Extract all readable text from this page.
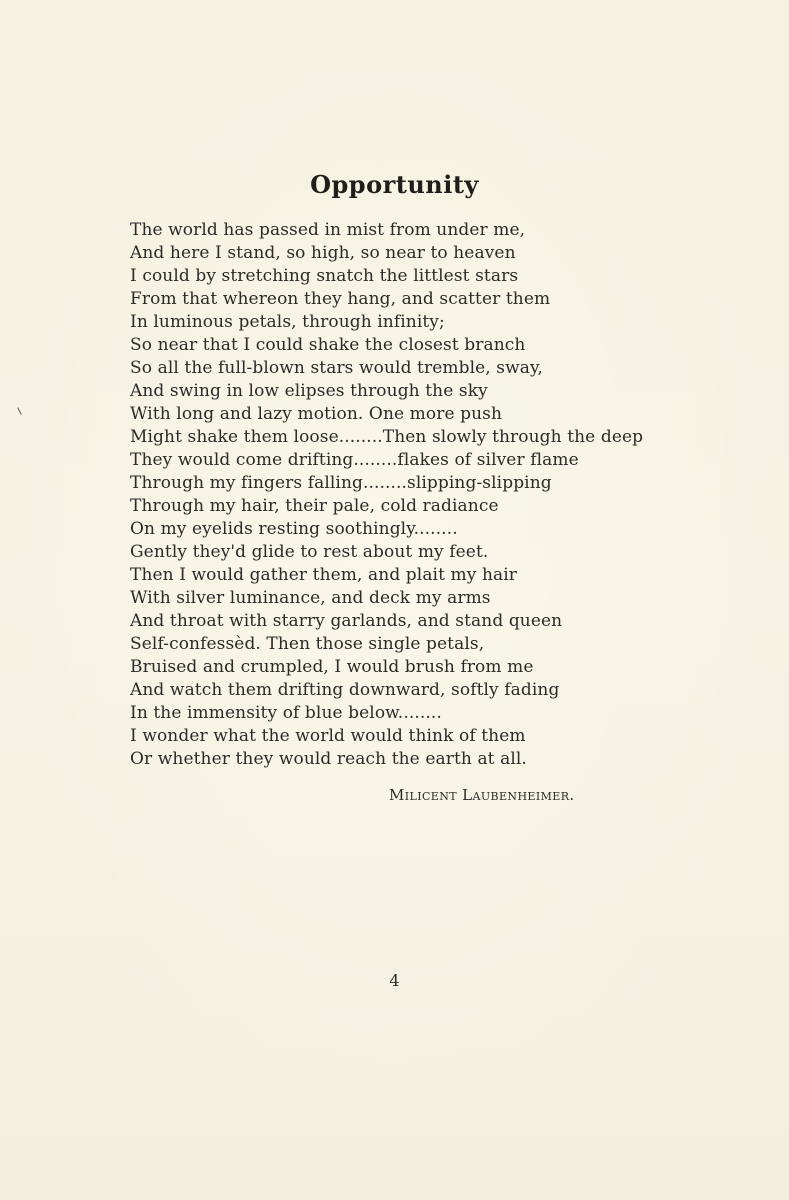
Opportunity
The world has passed in mist from under me,
And here I stand, so high, so near to heaven
I could by stretching snatch the littlest stars
From that whereon they hang, and scatter them
In luminous petals, through infinity;
So near that I could shake the closest branch
So all the full-blown stars would tremble, sway,
And swing in low elipses through the sky
With long and lazy motion. One more push
Might shake them loose........Then slowly through the deep
They would come drifting........flakes of silver flame
Through my fingers falling........slipping-slipping
Through my hair, their pale, cold radiance
On my eyelids resting soothingly........
Gently they'd glide to rest about my feet.
Then I would gather them, and plait my hair
With silver luminance, and deck my arms
And throat with starry garlands, and stand queen
Self-confessèd. Then those single petals,
Bruised and crumpled, I would brush from me
And watch them drifting downward, softly fading
In the immensity of blue below........
I wonder what the world would think of them
Or whether they would reach the earth at all.
Milicent Laubenheimer.
4
